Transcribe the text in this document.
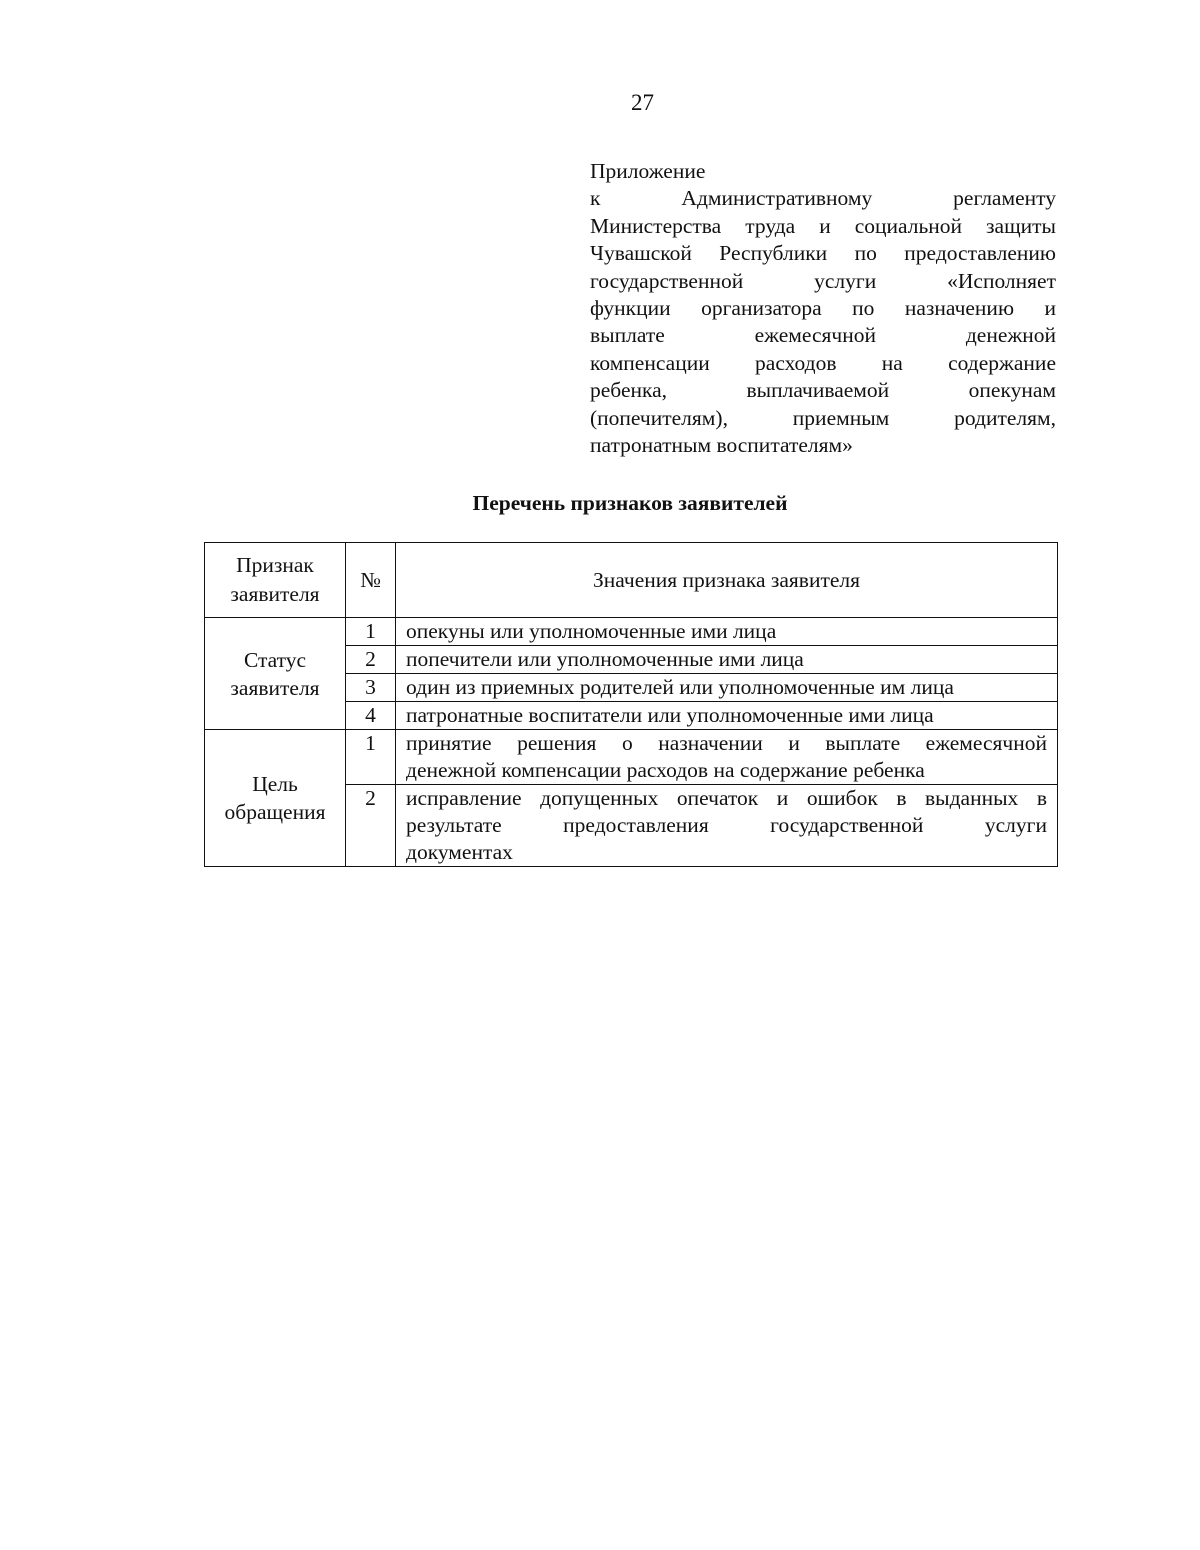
27
Приложение
к Административному регламенту
Министерства труда и социальной защиты
Чувашской Республики по предоставлению
государственной услуги «Исполняет
функции организатора по назначению и
выплате ежемесячной денежной
компенсации расходов на содержание
ребенка, выплачиваемой опекунам
(попечителям), приемным родителям,
патронатным воспитателям»
Перечень признаков заявителей
Признак
заявителя	№	Значения признака заявителя
Статус
заявителя	1	опекуны или уполномоченные ими лица
	2	попечители или уполномоченные ими лица
	3	один из приемных родителей или уполномоченные им лица
	4	патронатные воспитатели или уполномоченные ими лица
Цель
обращения	1	принятие решения о назначении и выплате ежемесячной
денежной компенсации расходов на содержание ребенка

	2	исправление допущенных опечаток и ошибок в выданных в
результате предоставления государственной услуги
документах
